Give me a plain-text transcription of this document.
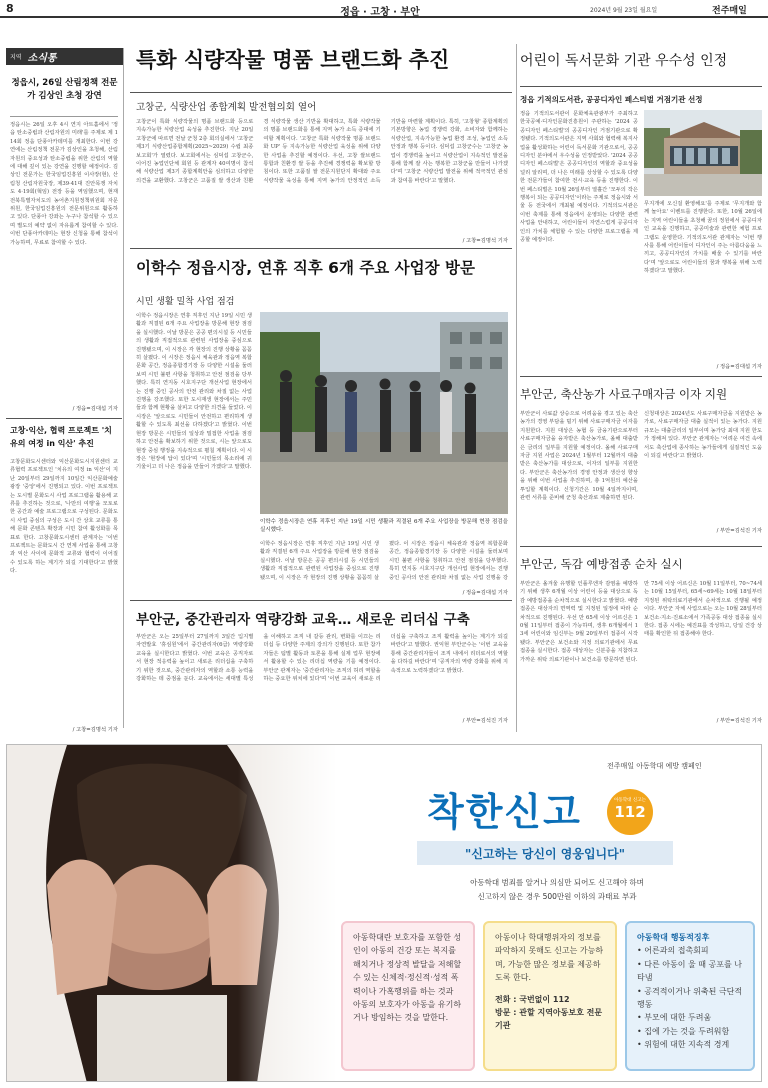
8	정읍 · 고창 · 부안	2024년 9월 23일 월요일	전주매일
지역 소식통
정읍시, 26일 산림정책 전문가 김상인 초청 강연
정읍시는 26일 오후 4시 연지 아트홀에서 '정읍 탄소중립과 산림자원의 미래'를 주제로 제 114회 정읍 단풍아카데미를 개최한다. 이번 강연에는 산림정책 전문가 김상인을 초청해, 산림자원의 중요성과 탄소중립을 위한 산림의 역할에 대해 깊이 있는 강연을 진행할 예정이다. 김상인 전문가는 한국임업진흥원 이사장(현), 산림청 산림자원국장, 제39·41대 진안목쟁 자치도 4·19회(혁임) 전장 등을 역임했으며, 현재 전북특별자치도의 농어촌지원정책위원회 자문위원, 한국임업진흥원의 전문위원으로 활동하고 있다. 단풍아 강좌는 누구나 참석할 수 있으며 별도의 예약 없이 자유롭게 참여할 수 있다. 이번 단풍아카데미는 현장 신청을 통해 참석이 가능하며, 무료로 참여할 수 있다.
/ 정읍=김대섭 기자
고창·익산, 협력 프로젝트 '치유의 여정 in 익산' 추진
고창문화도시센터와 익산문화도시지원센터 교류협력 프로젝트인 '치유의 여정 in 익산'이 지난 20일부터 29일까지 10일간 익산문화예술광장 '중앙'에서 진행되고 있다. 이번 프로젝트는 도시별 문화도시 사업 프로그램을 활용해 교류를 추진하는 것으로, '나만의 여행'을 모토로 한 공간과 예술 프로그램으로 구성된다. 문화도시 사업 중심의 구성은 도시 간 상호 교류를 통해 문화 콘텐츠 확장과 시민 참여 활성화를 목표로 한다. 고창문화도시센터 관계자는 '이번 프로젝트는 문화도시 간 연계 사업을 통해 고창과 익산 사이에 문화적 교류와 협력이 이어질 수 있도록 하는 계기가 되길 기대한다'고 밝혔다.
/ 고창=김명석 기자
특화 식량작물 명품 브랜드화 추진
고창군, 식량산업 종합계획 발전협의회 열어
고창군이 특화 식량작물의 명품 브랜드화 등으로 지속가능한 식량산업 육성을 추진한다. 지난 20일 고창군에 따르면 전날 군청 2층 회의실에서 '고창군 제3기 식량산업종합계획(2025~2029) 수립 최종보고회'가 열렸다. 보고회에서는 심덕섭 고창군수, 이어진 농업인단체 회원 등 관계자 40여명이 참석해 식량산업 제3기 종합계획안을 심의하고 다양한 의견을 교환했다. 고창군은 고품질 쌀 생산과 친환경 식량작물 생산 기반을 확대하고, 특화 식량작물의 명품 브랜드화를 통해 지역 농가 소득 증대에 기여할 계획이다. '고창군 특화 식량작물 명품 브랜드화 UP' 등 지속가능한 식량산업 육성을 위해 다양한 사업을 추진할 예정이다. 우선, 고창 쌀브랜드 통합과 친환경 쌀 등을 추진해 경쟁력을 확보할 방침이다. 또한 고품질 쌀 전문지원단지 확대와 주요 식량작물 육성을 통해 지역 농가의 안정적인 소득 기반을 마련할 계획이다. 특히, '고창형' 종합계획의 기본방향은 농업 경쟁력 강화, 소비자와 함께하는 식량산업, 지속가능한 농업 환경 조성, 농업인 소득 안정과 행복 등이다. 심덕섭 고창군수는 '고창군 농업이 경쟁력을 높이고 식량산업이 지속적인 발전을 통해 함께 잘 사는 행복한 고창군을 만들어 나가겠다'며 '고창군 식량산업 발전을 위해 적극적인 관심과 참여를 바란다'고 말했다.
/ 고창=김명석 기자
이학수 정읍시장, 연휴 직후 6개 주요 사업장 방문
시민 생활 밀착 사업 점검
이학수 정읍시장은 연휴 직후인 지난 19일 시민 생활과 직결된 6개 주요 사업장을 방문해 현장 점검을 실시했다. 이날 방문은 공공 편의시설 등 시민들의 생활과 직접적으로 관련된 사업장을 중심으로 진행됐으며, 이 시장은 각 현장의 진행 상황을 꼼꼼히 살폈다. 이 시장은 정읍시 체육관과 정읍역 복합문화 공간, 정읍종합경기장 등 다양한 시설을 둘러보며 시민 불편 사항을 청취하고 안전 점검을 당부했다. 특히 연지동 시호지구단 개선사업 현장에서는 진행 중인 공사의 안전 관리와 차질 없는 사업 진행을 강조했다. 또한 도시재생 현장에서는 주민들과 함께 현황을 살피고 다양한 의견을 들었다. 이 시장은 '앞으로도 시민들이 안전하고 편리하게 생활할 수 있도록 최선을 다하겠다'고 밝혔다. 이번 현장 방문은 시민들의 일상과 밀접한 사업을 점검하고 안전을 확보하기 위한 것으로, 시는 앞으로도 현장 중심 행정을 지속적으로 펼칠 계획이다. 이 시장은 '현장에 답이 있다'며 '시민들의 목소리에 귀 기울이고 더 나은 정읍을 만들어 가겠다'고 말했다.
이학수 정읍시장은 연휴 직후인 지난 19일 시민 생활과 직결된 6개 주요 사업장을 방문해 현장 점검을 실시했다.
이학수 정읍시장은 연휴 직후인 지난 19일 시민 생활과 직결된 6개 주요 사업장을 방문해 현장 점검을 실시했다. 이날 방문은 공공 편의시설 등 시민들의 생활과 직접적으로 관련된 사업장을 중심으로 진행됐으며, 이 시장은 각 현장의 진행 상황을 꼼꼼히 살폈다. 이 시장은 정읍시 체육관과 정읍역 복합문화 공간, 정읍종합경기장 등 다양한 시설을 둘러보며 시민 불편 사항을 청취하고 안전 점검을 당부했다. 특히 연지동 시호지구단 개선사업 현장에서는 진행 중인 공사의 안전 관리와 차질 없는 사업 진행을 강
/ 정읍=김대섭 기자
부안군, 중간관리자 역량강화 교육… 새로운 리더십 구축
부안군은 오는 25일부터 27일까지 3일간 입지별 자연발효 '휴심원'에서 중간관리자(6급) 역량강화 교육을 실시한다고 밝혔다. 이번 교육은 공직자로서 현장 적응력을 높이고 새로운 리더십을 구축하기 위한 것으로, 중간관리자의 역할과 소통 능력을 강화하는 데 중점을 둔다. 교육에서는 세대별 특성을 이해하고 조직 내 갈등 관리, 변화를 이끄는 리더십 등 다양한 주제의 강의가 진행된다. 또한 참가자들은 팀별 활동과 토론을 통해 실제 업무 현장에서 활용할 수 있는 리더십 역량을 기를 예정이다. 부안군 관계자는 '중간관리자는 조직의 허리 역할을 하는 중요한 위치에 있다'며 '이번 교육이 새로운 리더십을 구축하고 조직 활력을 높이는 계기가 되길 바란다'고 말했다. 권익현 부안군수는 '이번 교육을 통해 중간관리자들이 조직 내에서 리더로서의 역할을 다하길 바란다'며 '공직자의 역량 강화를 위해 지속적으로 노력하겠다'고 밝혔다.
/ 부안=김석진 기자
어린이 독서문화 기관 우수성 인정
정읍 기적의도서관, 공공디자인 페스티벌 거점기관 선정
정읍 기적의도서관이 문화체육관광부가 주최하고 한국공예·디자인문화진흥원이 주관하는 '2024 공공디자인 페스티벌'의 공공디자인 거점기관으로 확정됐다. 기적의도서관은 지역 사회와 협력해 복지사업을 활성화하는 어린이 독서문화 기관으로서, 공공디자인 분야에서 우수성을 인정받았다. '2024 공공디자인 페스티벌'은 공공디자인의 역할과 중요성을 널리 알리며, 더 나은 미래를 상상할 수 있도록 다양한 전문가들이 참여한 전시·교육 등을 진행한다. 이번 페스티벌은 10월 26일부터 열흘간 '모두의 작은 행복이 되는 공공디자인'이라는 주제로 정읍시와 서울 등 전국에서 개최될 예정이다. 기적의도서관은 이번 축제를 통해 정읍에서 운영되는 다양한 관련 사업을 안내하고, 어린이들이 자연스럽게 공공디자인의 가치를 체험할 수 있는 다양한 프로그램을 제공할 예정이다.
무지개에 오신걸 환영해요'를 주제로 '무지개와 함께 놀아요' 이벤트를 진행한다. 또한, 10월 26일에는 지역 어린이들을 초청해 꿈의 정원에서 공공디자인 교육을 진행하고, 공공미술과 관련한 체험 프로그램도 운영한다. 기적의도서관 관계자는 '이번 행사를 통해 어린이들이 디자인이 주는 아름다움을 느끼고, 공공디자인의 가치를 배울 수 있기를 바란다'며 '앞으로도 어린이들의 꿈과 행복을 위해 노력하겠다'고 말했다.
/ 정읍=김대섭 기자
부안군, 축산농가 사료구매자금 이자 지원
부안군이 사료값 상승으로 어려움을 겪고 있는 축산농가의 경영 부담을 덜기 위해 사료구매자금 이자를 지원한다. 지원 대상은 농협 등 금융기관으로부터 사료구매자금을 융자받은 축산농가로, 올해 대출받은 금리의 일부를 지원할 예정이다. 올해 사료구매자금 지원 사업은 2024년 1월부터 12월까지 대출받은 축산농가를 대상으로, 이자의 일부를 지원한다. 부안군은 축산농가의 경영 안정과 생산성 향상을 위해 이번 사업을 추진하며, 총 1억원의 예산을 투입할 계획이다. 신청기간은 10월 4일까지이며, 관련 서류를 준비해 군청 축산과로 제출하면 된다.
신청대상은 2024년도 사료구매자금을 지원받은 농가로, 사료구매자금 대출 실적이 있는 농가다. 지원 규모는 대출금리의 일부이며 농가당 최대 지원 한도가 정해져 있다. 부안군 관계자는 '어려운 여건 속에서도 축산업에 종사하는 농가들에게 실질적인 도움이 되길 바란다'고 밝혔다.
/ 부안=김석진 기자
부안군, 독감 예방접종 순차 실시
부안군은 올겨울 유행할 인플루엔자 감염을 예방하기 위해 생후 6개월 이상 어린이 등을 대상으로 독감 예방접종을 순차적으로 실시한다고 밝혔다. 예방접종은 대상자의 면역력 및 지정된 일정에 따라 순차적으로 진행된다. 우선 만 65세 이상 어르신은 10월 11일부터 접종이 가능하며, 생후 6개월에서 13세 어린이와 임신부는 9월 20일부터 접종이 시작됐다. 부안군은 보건소와 지정 의료기관에서 무료 접종을 실시한다. 접종 대상자는 신분증을 지참하고 가까운 위탁 의료기관이나 보건소를 방문하면 된다.
만 75세 이상 어르신은 10월 11일부터, 70~74세는 10월 15일부터, 65세~69세는 10월 18일부터 지정된 위탁의료기관에서 순차적으로 진행될 예정이다. 부안군 자체 사업으로는 오는 10월 28일부터 보건소·지소·진료소에서 가족공동 대상 접종을 실시한다. 접종 시에는 예진표를 작성하고, 당일 건강 상태를 확인한 뒤 접종해야 한다.
/ 부안=김석진 기자
전주매일 아동학대 예방 캠페인
착한신고	아동학대 신고는
112
"신고하는 당신이 영웅입니다"
아동학대 범죄를 알거나 의심만 되어도 신고해야 하며
신고하지 않은 경우 500만원 이하의 과태료 부과
아동학대란 보호자를 포함한 성인이 아동의 건강 또는 복지를 해치거나 정상적 발달을 저해할 수 있는 신체적·정신적·성적 폭력이나 가혹행위를 하는 것과 아동의 보호자가 아동을 유기하거나 방임하는 것을 말한다.
아동이나 학대행위자의 정보를 파악하지 못해도 신고는 가능하며, 가능한 많은 정보를 제공하도록 한다.
전화 : 국번없이 112
방문 : 관할 지역아동보호 전문기관
아동학대 행동적징후
• 어른과의 접촉회피
• 다른 아동이 울 때 공포를 나타냄
• 공격적이거나 위축된 극단적 행동
• 부모에 대한 두려움
• 집에 가는 것을 두려워함
• 위험에 대한 지속적 경계
